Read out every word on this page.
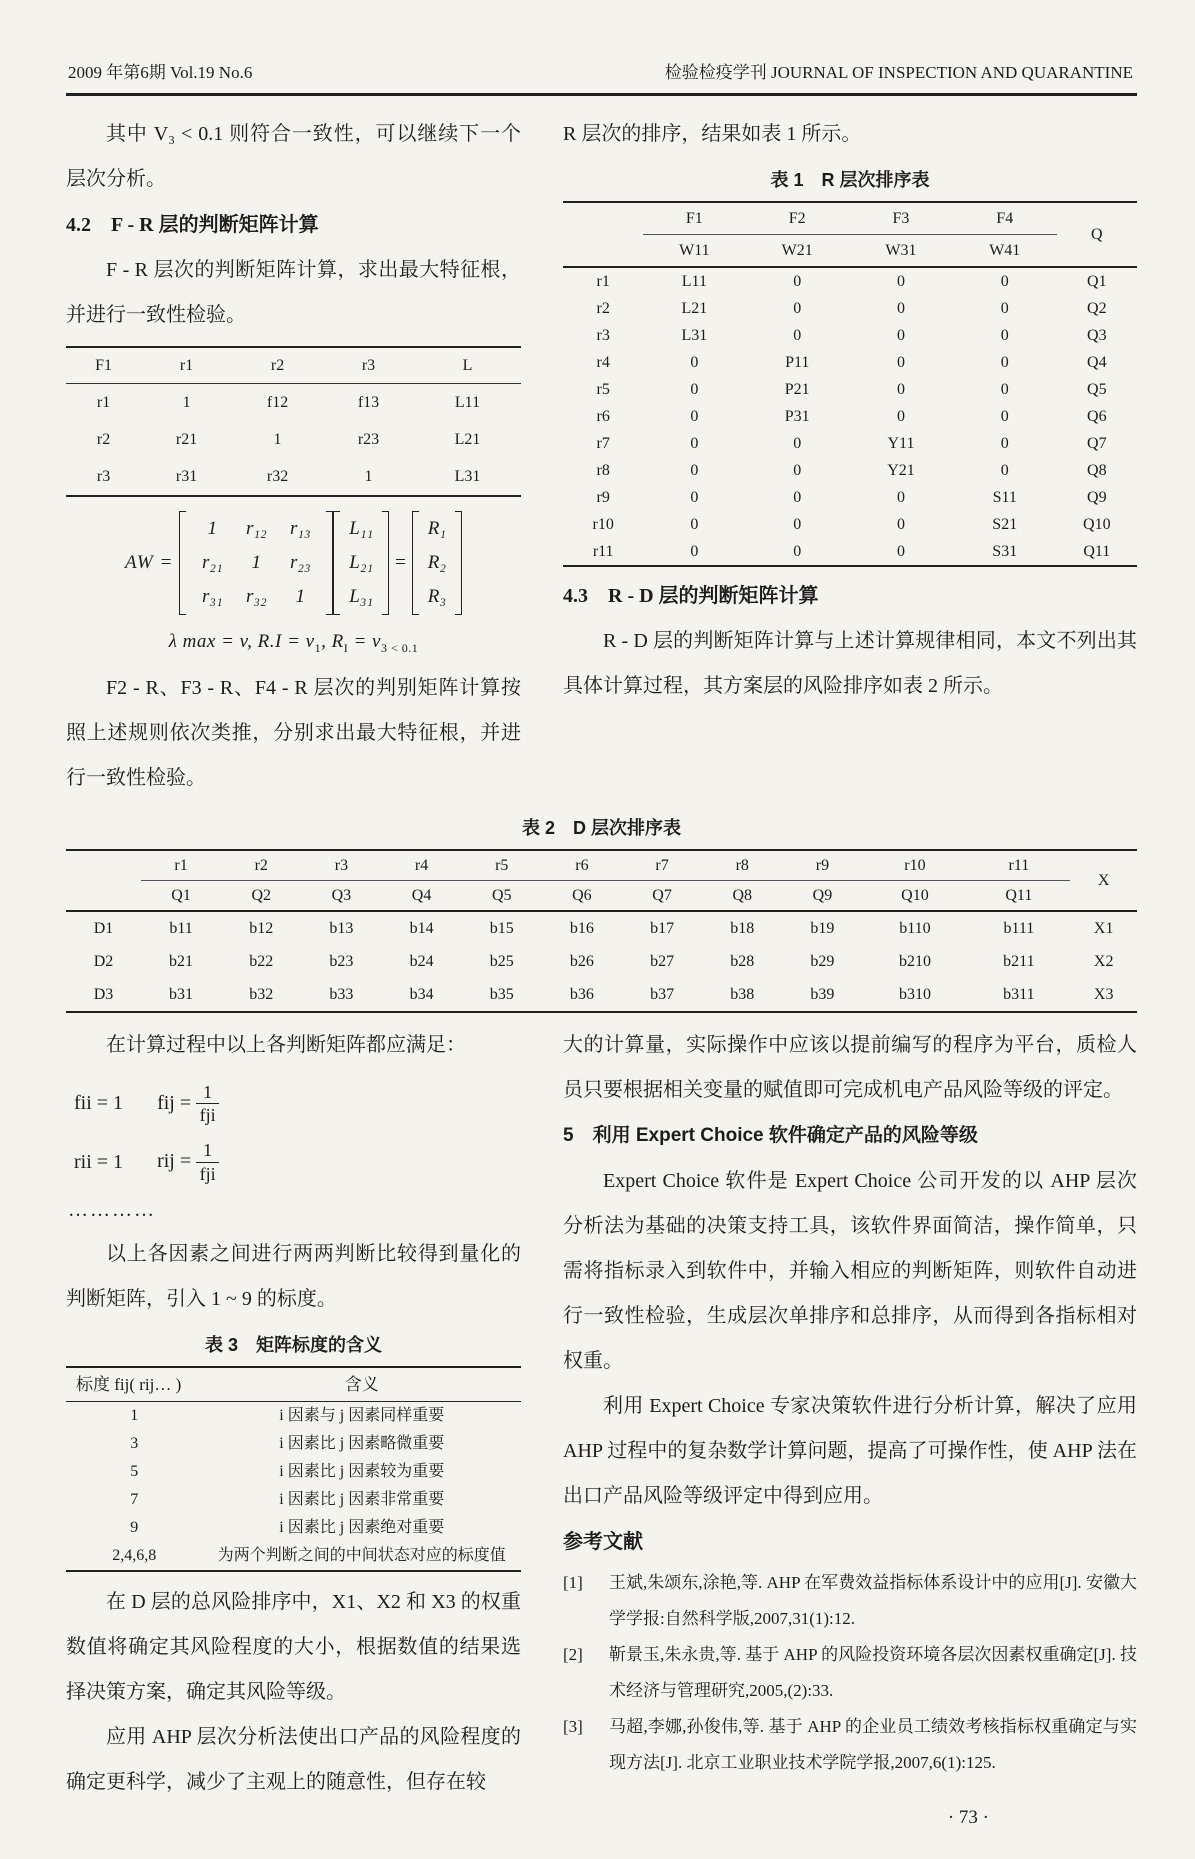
2009 年第6期 Vol.19 No.6	检验检疫学刊 JOURNAL OF INSPECTION AND QUARANTINE

其中 V₃ < 0.1 则符合一致性，可以继续下一个层次分析。

4.2　F - R 层的判断矩阵计算

F - R 层次的判断矩阵计算，求出最大特征根，并进行一致性检验。

F1	r1	r2	r3	L
r1	1	f12	f13	L11
r2	r21	1	r23	L21
r3	r31	r32	1	L31
AW =
1 r₁₂ r₁₃
r₂₁ 1 r₂₃
r₃₁ r₃₂ 1
L₁₁
L₂₁
L₃₁
=
R₁
R₂
R₃
λ max = v, $R.I = v_1$, $R_I = v_{3 < 0.1}$

F2 - R、F3 - R、F4 - R 层次的判别矩阵计算按照上述规则依次类推，分别求出最大特征根，并进行一致性检验。

R 层次的排序，结果如表 1 所示。

表 1　R 层次排序表
	F1	F2	F3	F4	Q
	W11	W21	W31	W41	
r1	L11	0	0	0	Q1
r2	L21	0	0	0	Q2
r3	L31	0	0	0	Q3
r4	0	P11	0	0	Q4
r5	0	P21	0	0	Q5
r6	0	P31	0	0	Q6
r7	0	0	Y11	0	Q7
r8	0	0	Y21	0	Q8
r9	0	0	0	S11	Q9
r10	0	0	0	S21	Q10
r11	0	0	0	S31	Q11
4.3　R - D 层的判断矩阵计算

R - D 层的判断矩阵计算与上述计算规律相同，本文不列出其具体计算过程，其方案层的风险排序如表 2 所示。

表 2　D 层次排序表
	r1	r2	r3	r4	r5	r6	r7	r8	r9	r10	r11	X
	Q1	Q2	Q3	Q4	Q5	Q6	Q7	Q8	Q9	Q10	Q11	
D1	b11	b12	b13	b14	b15	b16	b17	b18	b19	b110	b111	X1
D2	b21	b22	b23	b24	b25	b26	b27	b28	b29	b210	b211	X2
D3	b31	b32	b33	b34	b35	b36	b37	b38	b39	b310	b311	X3

在计算过程中以上各判断矩阵都应满足：

fii = 1 fij = $\frac{1}{\text{fji}}$
rii = 1 rij = $\frac{1}{\text{fji}}$
…………

以上各因素之间进行两两判断比较得到量化的判断矩阵，引入 1 ~ 9 的标度。

表 3　矩阵标度的含义
标度 fij( rij… )	含义
1	i 因素与 j 因素同样重要
3	i 因素比 j 因素略微重要
5	i 因素比 j 因素较为重要
7	i 因素比 j 因素非常重要
9	i 因素比 j 因素绝对重要
2,4,6,8	为两个判断之间的中间状态对应的标度值

在 D 层的总风险排序中，X1、X2 和 X3 的权重数值将确定其风险程度的大小，根据数值的结果选择决策方案，确定其风险等级。

应用 AHP 层次分析法使出口产品的风险程度的确定更科学，减少了主观上的随意性，但存在较

大的计算量，实际操作中应该以提前编写的程序为平台，质检人员只要根据相关变量的赋值即可完成机电产品风险等级的评定。

5　利用 Expert Choice 软件确定产品的风险等级

Expert Choice 软件是 Expert Choice 公司开发的以 AHP 层次分析法为基础的决策支持工具，该软件界面简洁，操作简单，只需将指标录入到软件中，并输入相应的判断矩阵，则软件自动进行一致性检验，生成层次单排序和总排序，从而得到各指标相对权重。

利用 Expert Choice 专家决策软件进行分析计算，解决了应用 AHP 过程中的复杂数学计算问题，提高了可操作性，使 AHP 法在出口产品风险等级评定中得到应用。

参考文献
[1]	王斌,朱颂东,涂艳,等. AHP 在军费效益指标体系设计中的应用[J]. 安徽大学学报:自然科学版,2007,31(1):12.
[2]	靳景玉,朱永贵,等. 基于 AHP 的风险投资环境各层次因素权重确定[J]. 技术经济与管理研究,2005,(2):33.
[3]	马超,李娜,孙俊伟,等. 基于 AHP 的企业员工绩效考核指标权重确定与实现方法[J]. 北京工业职业技术学院学报,2007,6(1):125.
· 73 ·
